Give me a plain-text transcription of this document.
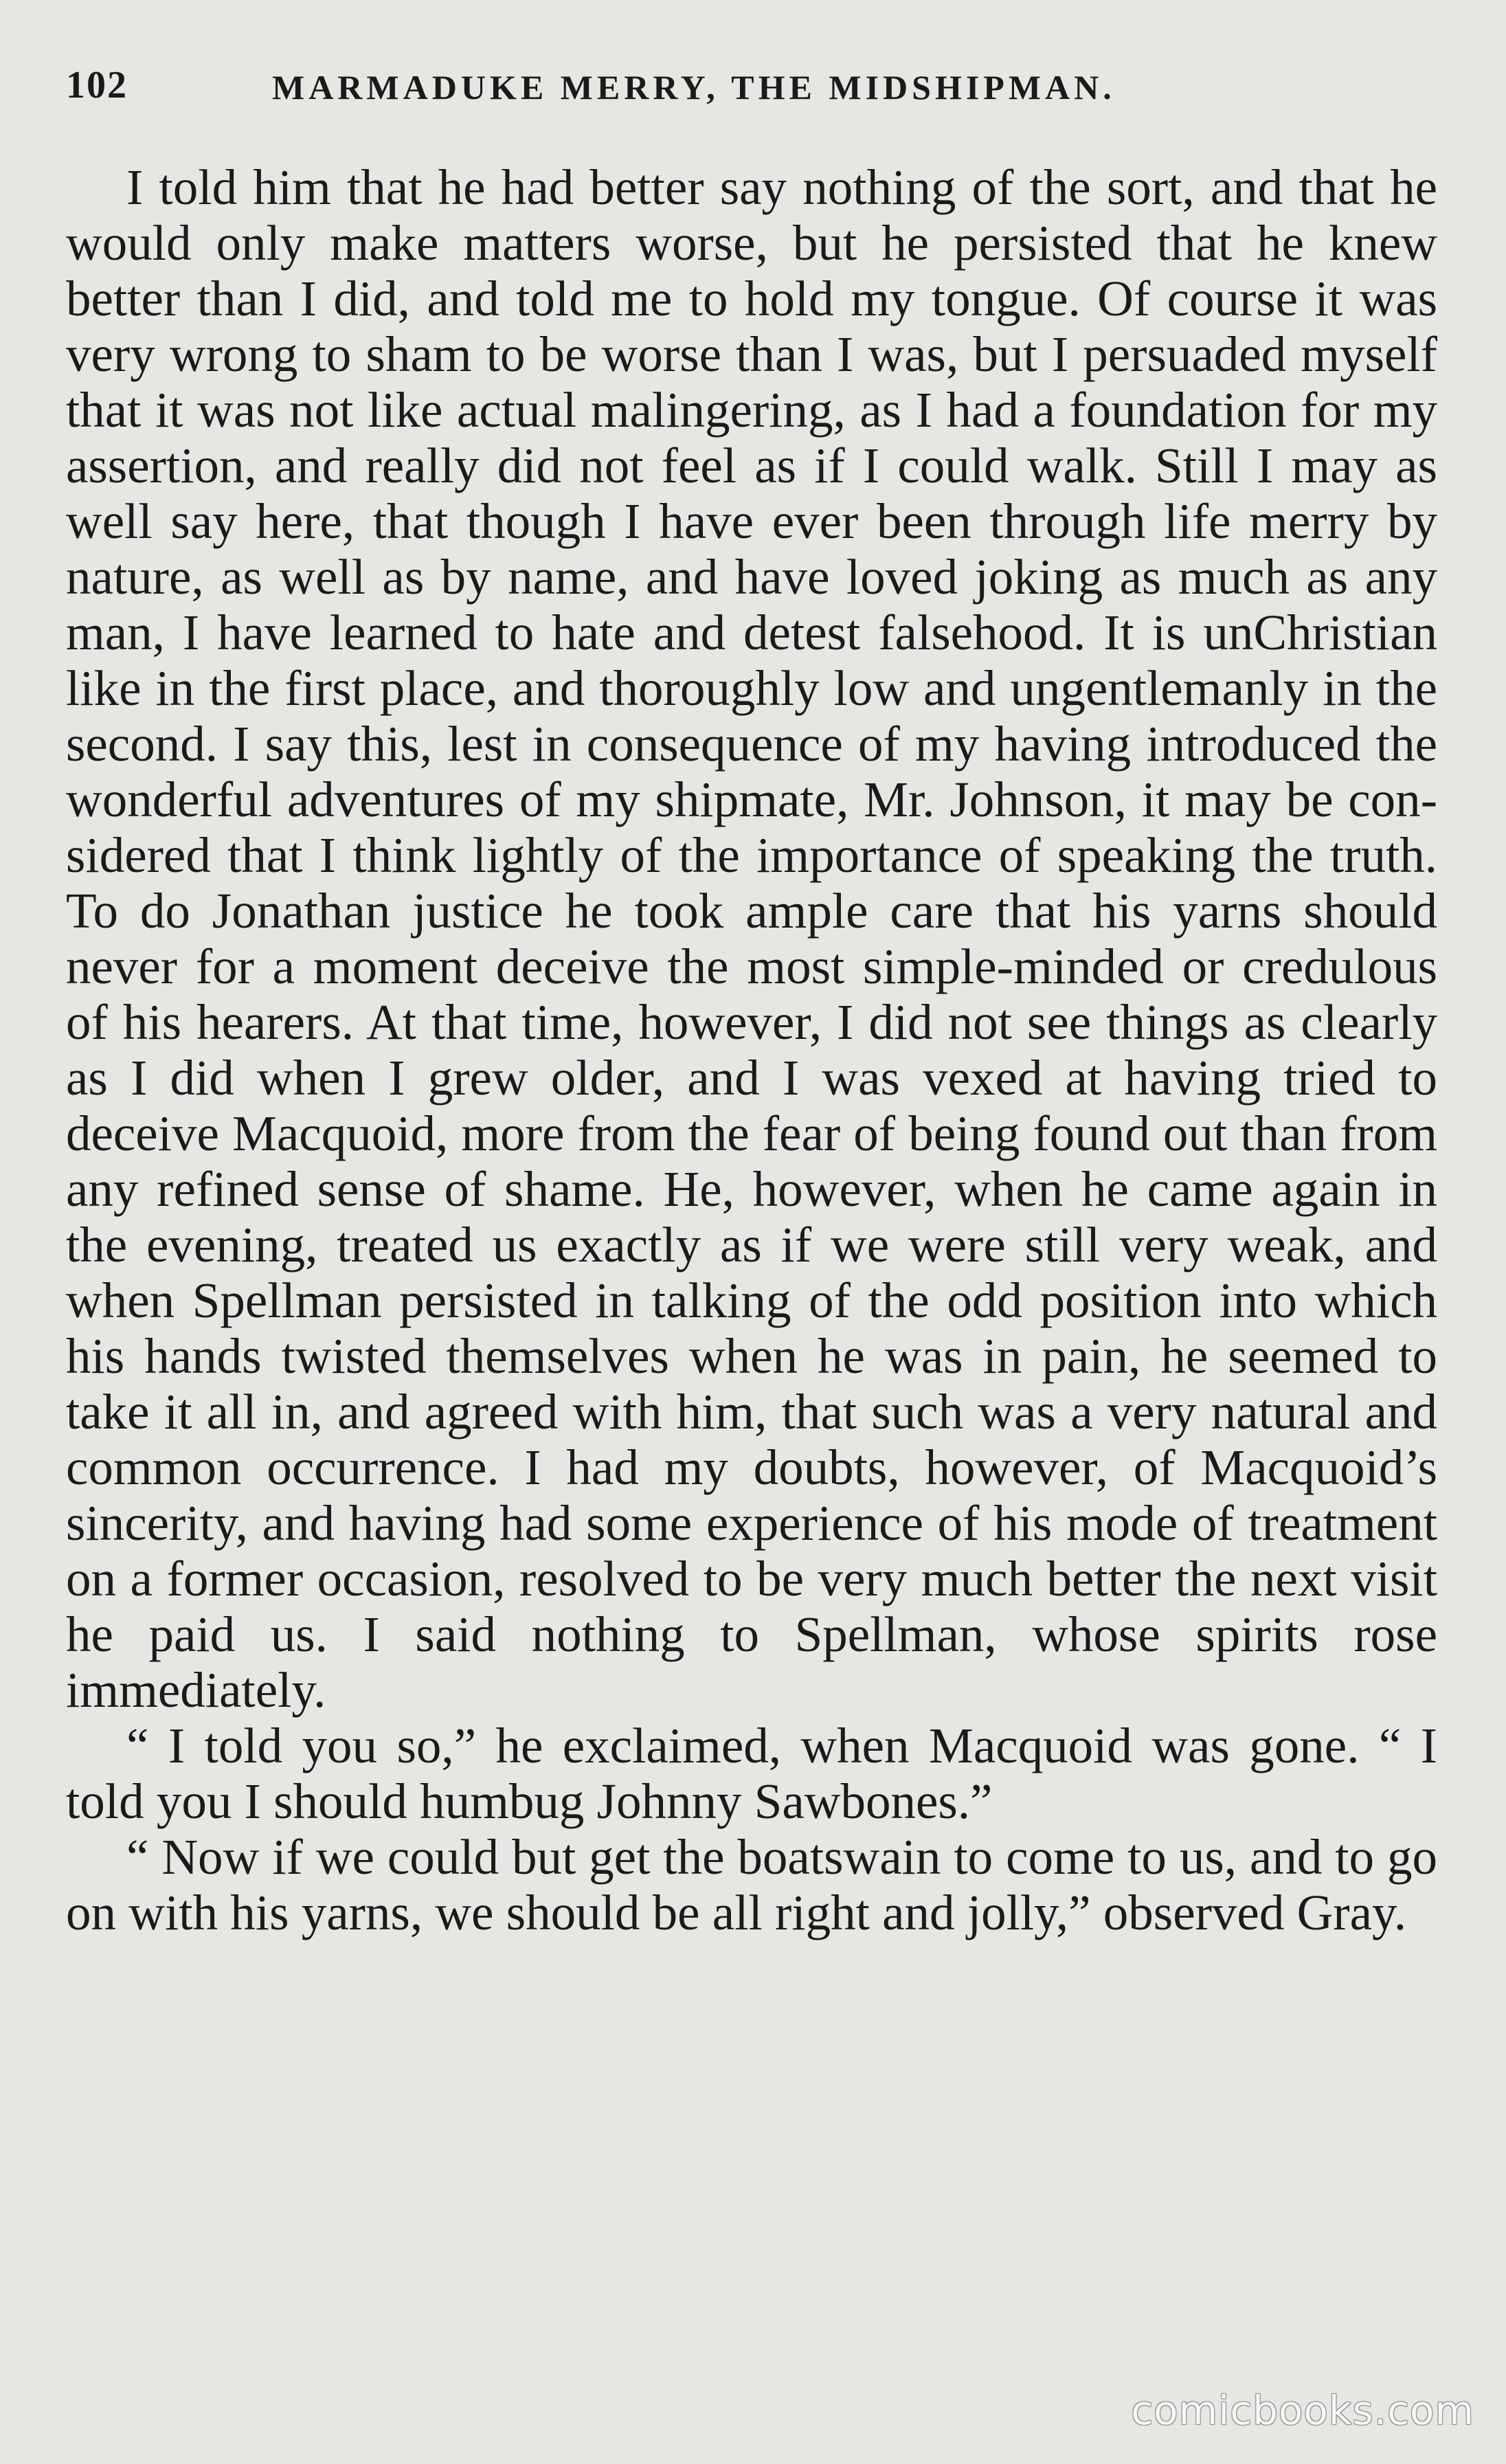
102	MARMADUKE MERRY, THE MIDSHIPMAN.

I told him that he had better say nothing of the sort, and that he would only make matters worse, but he persisted that he knew better than I did, and told me to hold my tongue. Of course it was very wrong to sham to be worse than I was, but I persuaded myself that it was not like actual malingering, as I had a foundation for my assertion, and really did not feel as if I could walk. Still I may as well say here, that though I have ever been through life merry by nature, as well as by name, and have loved joking as much as any man, I have learned to hate and detest falsehood. It is unChristian like in the first place, and thoroughly low and ungentlemanly in the second. I say this, lest in consequence of my having introduced the wonderful adventures of my shipmate, Mr. Johnson, it may be considered that I think lightly of the importance of speaking the truth. To do Jonathan justice he took ample care that his yarns should never for a moment deceive the most simple-minded or credulous of his hearers. At that time, however, I did not see things as clearly as I did when I grew older, and I was vexed at having tried to deceive Macquoid, more from the fear of being found out than from any refined sense of shame. He, however, when he came again in the evening, treated us exactly as if we were still very weak, and when Spellman persisted in talking of the odd position into which his hands twisted themselves when he was in pain, he seemed to take it all in, and agreed with him, that such was a very natural and common occurrence. I had my doubts, however, of Macquoid’s sincerity, and having had some experience of his mode of treatment on a former occasion, resolved to be very much better the next visit he paid us. I said nothing to Spellman, whose spirits rose immediately.

“ I told you so,” he exclaimed, when Macquoid was gone. “ I told you I should humbug Johnny Sawbones.”

“ Now if we could but get the boatswain to come to us, and to go on with his yarns, we should be all right and jolly,” observed Gray.

comicbooks.com
